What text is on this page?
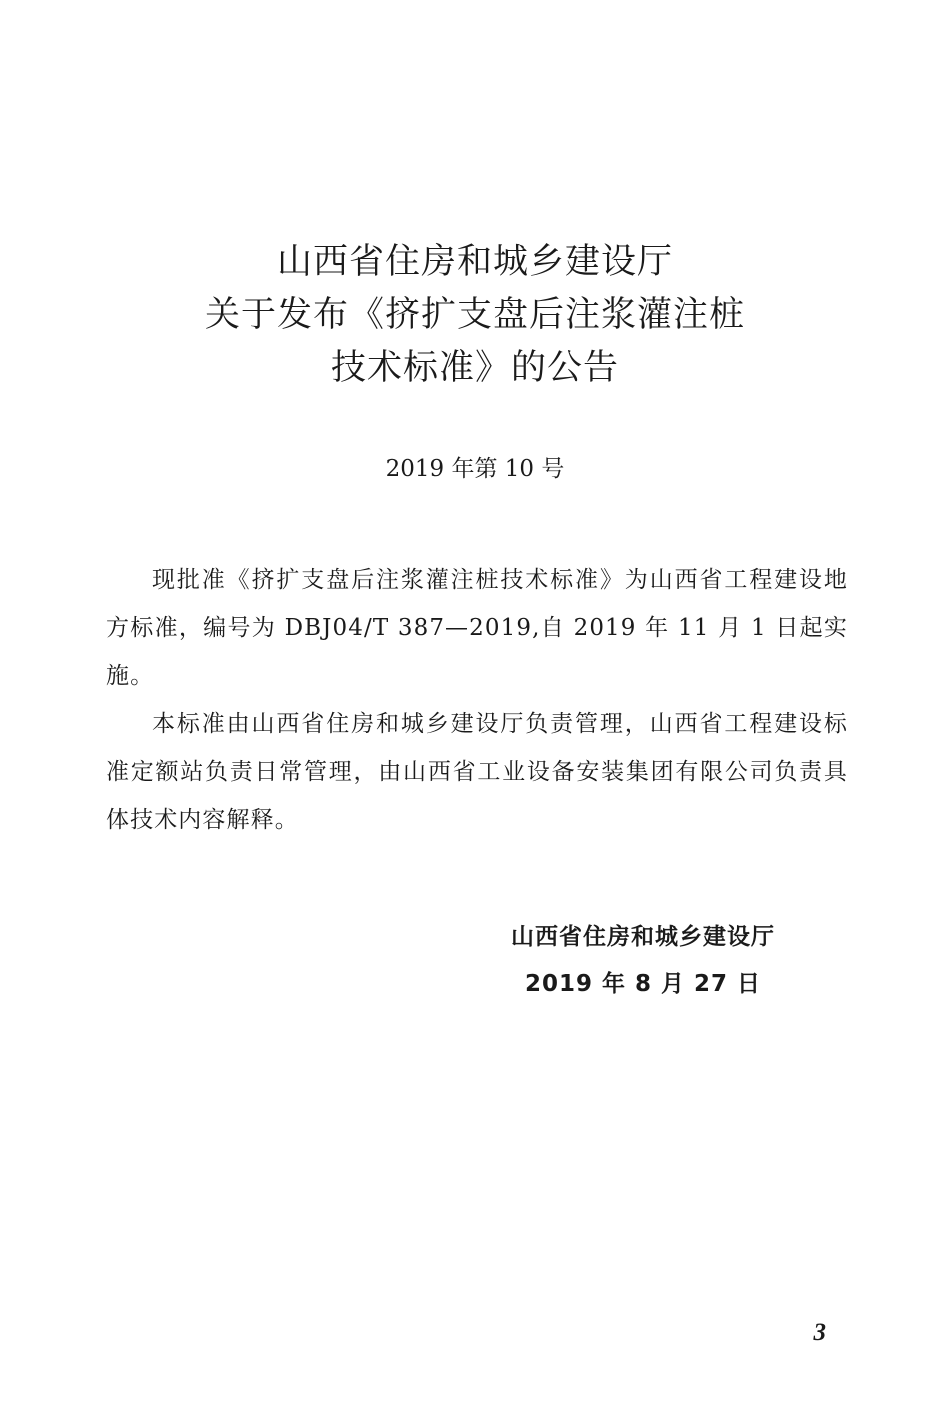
山西省住房和城乡建设厅
关于发布《挤扩支盘后注浆灌注桩
技术标准》的公告
2019 年第 10 号

现批准《挤扩支盘后注浆灌注桩技术标准》为山西省工程建设地方标准，编号为 DBJ04/T 387—2019,自 2019 年 11 月 1 日起实施。

本标准由山西省住房和城乡建设厅负责管理，山西省工程建设标准定额站负责日常管理，由山西省工业设备安装集团有限公司负责具体技术内容解释。

山西省住房和城乡建设厅
2019 年 8 月 27 日
3
